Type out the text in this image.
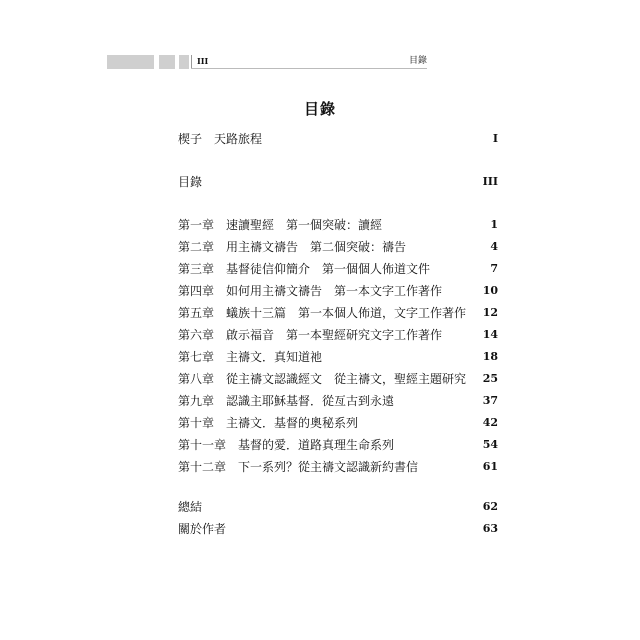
III	目錄
目錄
楔子　天路旅程	I
目錄	III
第一章　速讀聖經　第一個突破：讀經	1
第二章　用主禱文禱告　第二個突破：禱告	4
第三章　基督徒信仰簡介　第一個個人佈道文件	7
第四章　如何用主禱文禱告　第一本文字工作著作	10
第五章　蟻族十三篇　第一本個人佈道，文字工作著作 12
第六章　啟示福音　第一本聖經研究文字工作著作	14
第七章　主禱文．真知道祂	18
第八章　從主禱文認識經文　從主禱文，聖經主題研究 25
第九章　認識主耶穌基督．從亙古到永遠	37
第十章　主禱文．基督的奧秘系列	42
第十一章　基督的愛．道路真理生命系列	54
第十二章　下一系列？從主禱文認識新約書信	61
總結	62
關於作者	63
